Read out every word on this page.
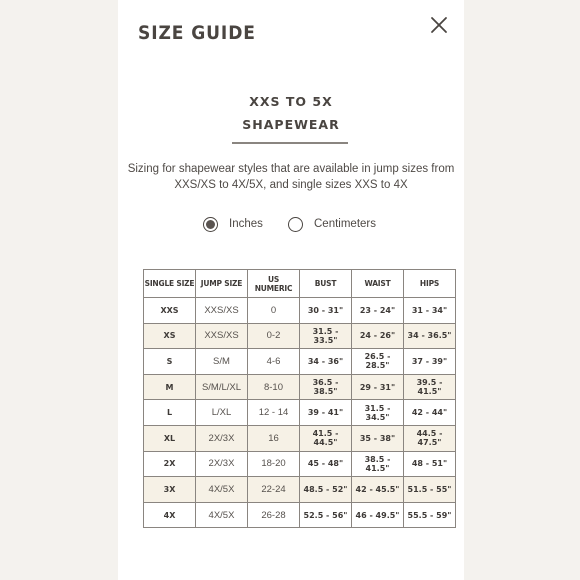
SIZE GUIDE
XXS TO 5X
SHAPEWEAR
Sizing for shapewear styles that are available in jump sizes from XXS/XS to 4X/5X, and single sizes XXS to 4X
Inches	Centimeters
SINGLE SIZE	JUMP SIZE	US NUMERIC	BUST	WAIST	HIPS
XXS	XXS/XS	0	30 - 31"	23 - 24"	31 - 34"
XS	XXS/XS	0-2	31.5 - 33.5"	24 - 26"	34 - 36.5"
S	S/M	4-6	34 - 36"	26.5 - 28.5"	37 - 39"
M	S/M/L/XL	8-10	36.5 - 38.5"	29 - 31"	39.5 - 41.5"
L	L/XL	12 - 14	39 - 41"	31.5 - 34.5"	42 - 44"
XL	2X/3X	16	41.5 - 44.5"	35 - 38"	44.5 - 47.5"
2X	2X/3X	18-20	45 - 48"	38.5 - 41.5"	48 - 51"
3X	4X/5X	22-24	48.5 - 52"	42 - 45.5"	51.5 - 55"
4X	4X/5X	26-28	52.5 - 56"	46 - 49.5"	55.5 - 59"
